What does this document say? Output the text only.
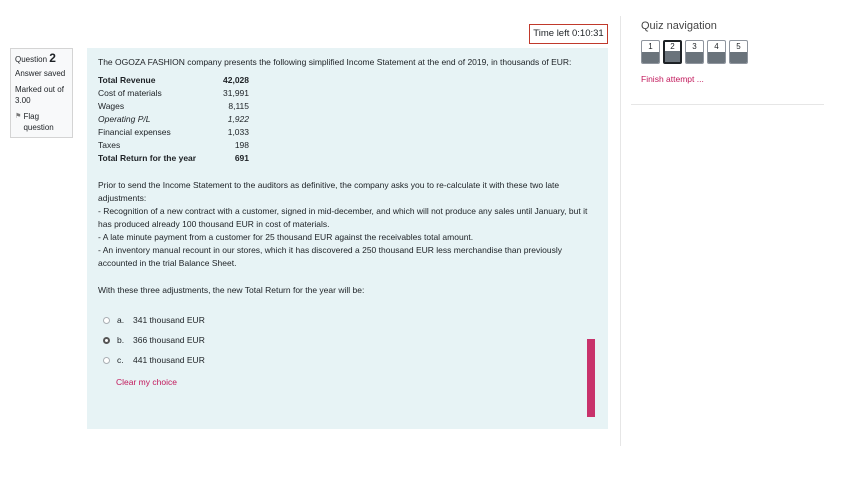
Time left 0:10:31
Question 2
Answer saved
Marked out of 3.00
⚑ Flag question

The OGOZA FASHION company presents the following simplified Income Statement at the end of 2019, in thousands of EUR:

Total Revenue	42,028
Cost of materials	31,991
Wages	8,115
Operating P/L	1,922
Financial expenses	1,033
Taxes	198
Total Return for the year	691

Prior to send the Income Statement to the auditors as definitive, the company asks you to re-calculate it with these two late adjustments:

- Recognition of a new contract with a customer, signed in mid-december, and which will not produce any sales until January, but it has produced already 100 thousand EUR in cost of materials.

- A late minute payment from a customer for 25 thousand EUR against the receivables total amount.

- An inventory manual recount in our stores, which it has discovered a 250 thousand EUR less merchandise than previously accounted in the trial Balance Sheet.

With these three adjustments, the new Total Return for the year will be:

a.	341 thousand EUR
b.	366 thousand EUR
c.	441 thousand EUR
Clear my choice
Quiz navigation
1	2	3	4	5
Finish attempt ...
